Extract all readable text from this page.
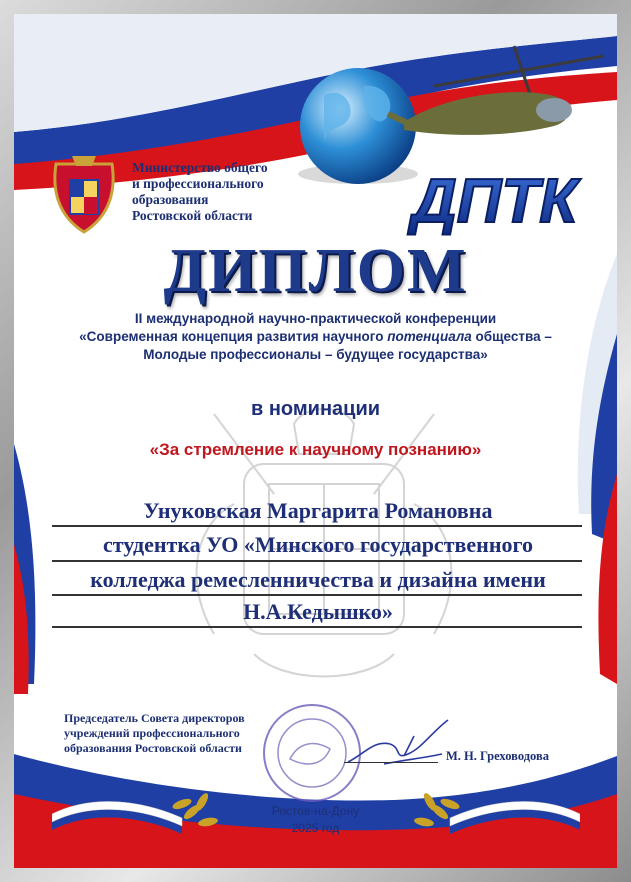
Министерство общего
и профессионального
образования
Ростовской области	ДПТК
ДИПЛОМ
II международной научно-практической конференции
«Современная концепция развития научного потенциала общества –
Молодые профессионалы – будущее государства»
в номинации
«За стремление к научному познанию»
Унуковская Маргарита Романовна
студентка УО «Минского государственного
колледжа ремесленничества и дизайна имени
Н.А.Кедышко»
Председатель Совета директоров
учреждений профессионального
образования Ростовской области
М. Н. Греховодова
Ростов-на-Дону
2025 год
